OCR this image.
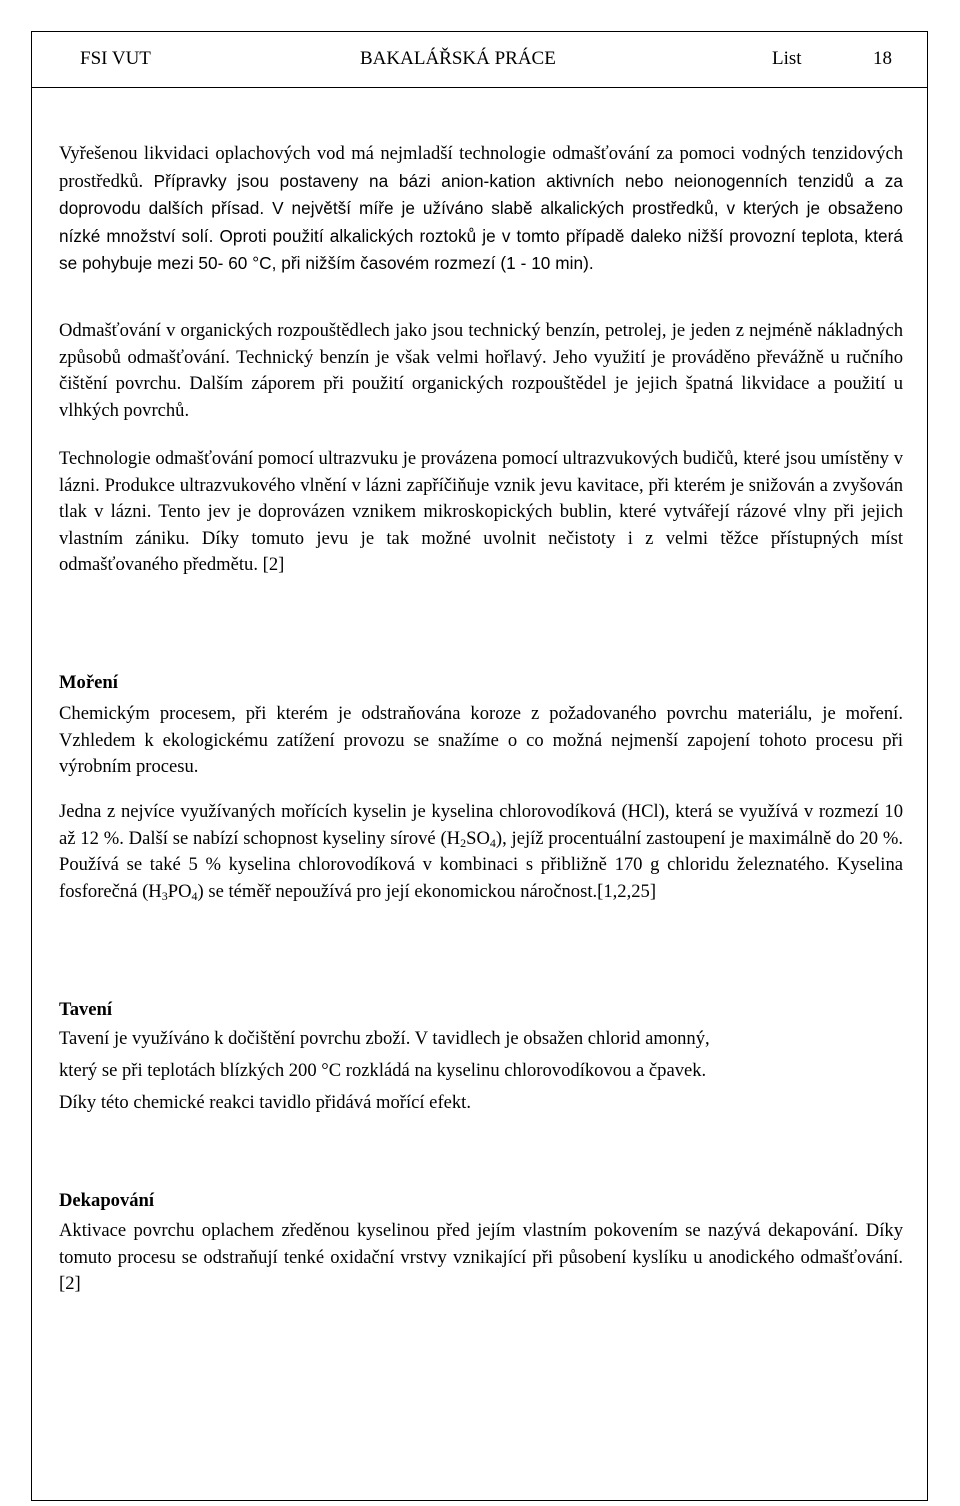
FSI VUT	BAKALÁŘSKÁ PRÁCE	List	18

Vyřešenou likvidaci oplachových vod má nejmladší technologie odmašťování za pomoci vodných tenzidových prostředků. Přípravky jsou postaveny na bázi anion-kation aktivních nebo neionogenních tenzidů a za doprovodu dalších přísad. V největší míře je užíváno slabě alkalických prostředků, v kterých je obsaženo nízké množství solí. Oproti použití alkalických roztoků je v tomto případě daleko nižší provozní teplota, která se pohybuje mezi 50- 60 °C, při nižším časovém rozmezí (1 - 10 min).

Odmašťování v organických rozpouštědlech jako jsou technický benzín, petrolej, je jeden z nejméně nákladných způsobů odmašťování. Technický benzín je však velmi hořlavý. Jeho využití je prováděno převážně u ručního čištění povrchu. Dalším záporem při použití organických rozpouštědel je jejich špatná likvidace a použití u vlhkých povrchů.

Technologie odmašťování pomocí ultrazvuku je provázena pomocí ultrazvukových budičů, které jsou umístěny v lázni. Produkce ultrazvukového vlnění v lázni zapříčiňuje vznik jevu kavitace, při kterém je snižován a zvyšován tlak v lázni. Tento jev je doprovázen vznikem mikroskopických bublin, které vytvářejí rázové vlny při jejich vlastním zániku. Díky tomuto jevu je tak možné uvolnit nečistoty i z velmi těžce přístupných míst odmašťovaného předmětu. [2]

Moření

Chemickým procesem, při kterém je odstraňována koroze z požadovaného povrchu materiálu, je moření. Vzhledem k ekologickému zatížení provozu se snažíme o co možná nejmenší zapojení tohoto procesu při výrobním procesu.

Jedna z nejvíce využívaných mořících kyselin je kyselina chlorovodíková (HCl), která se využívá v rozmezí 10 až 12 %. Další se nabízí schopnost kyseliny sírové $(H_2SO_4)$, jejíž procentuální zastoupení je maximálně do 20 %. Používá se také 5 % kyselina chlorovodíková v kombinaci s přibližně 170 g chloridu železnatého. Kyselina fosforečná $(H_3PO_4)$ se téměř nepoužívá pro její ekonomickou náročnost.[1,2,25]

Tavení

Tavení je využíváno k dočištění povrchu zboží. V tavidlech je obsažen chlorid amonný,

který se při teplotách blízkých 200 °C rozkládá na kyselinu chlorovodíkovou a čpavek.

Díky této chemické reakci tavidlo přidává mořící efekt.

Dekapování

Aktivace povrchu oplachem zředěnou kyselinou před jejím vlastním pokovením se nazývá dekapování. Díky tomuto procesu se odstraňují tenké oxidační vrstvy vznikající při působení kyslíku u anodického odmašťování. [2]
